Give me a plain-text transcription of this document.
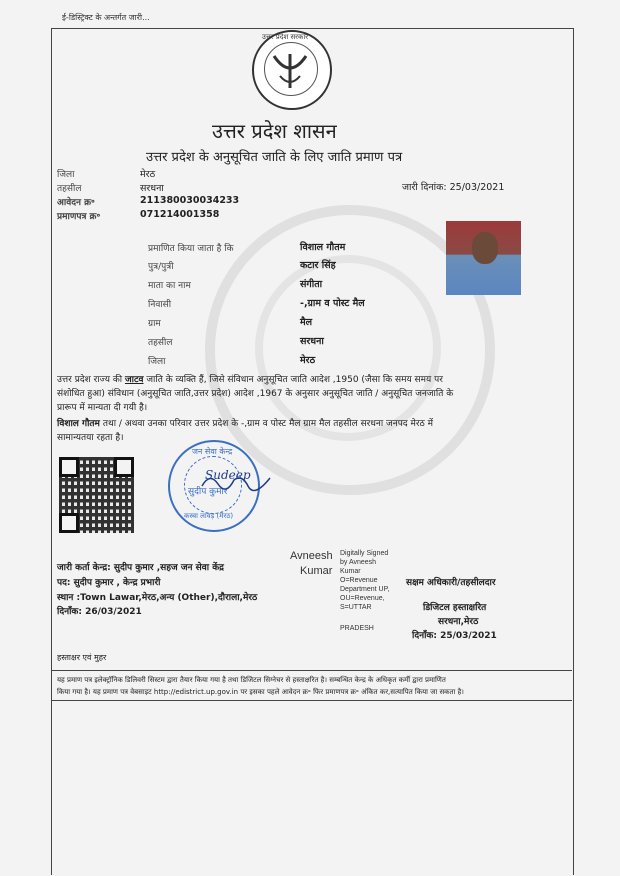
ई-डिस्ट्रिक्ट के अन्तर्गत जारी...
उत्तर प्रदेश सरकार
उत्तर प्रदेश शासन
उत्तर प्रदेश के अनुसूचित जाति के लिए जाति प्रमाण पत्र
जिला	मेरठ
तहसील	सरधना	जारी दिनांक: 25/03/2021
आवेदन क्र॰	211380030034233
प्रमाणपत्र क्र॰	071214001358
प्रमाणित किया जाता है कि	विशाल गौतम
पुत्र/पुत्री	कटार सिंह
माता का नाम	संगीता
निवासी	-,ग्राम व पोस्ट मैल
ग्राम	मैल
तहसील	सरधना
जिला	मेरठ
उत्तर प्रदेश राज्य की जाटव जाति के व्यक्ति हैं, जिसे संविधान अनुसूचित जाति आदेश ,1950 (जैसा कि समय समय पर
संशोधित हुआ) संविधान (अनुसूचित जाति,उत्तर प्रदेश) आदेश ,1967 के अनुसार अनुसूचित जाति / अनुसूचित जनजाति के
प्रारूप में मान्यता दी गयी है।
विशाल गौतम तथा / अथवा उनका परिवार उत्तर प्रदेश के -,ग्राम व पोस्ट मैल ग्राम मैल तहसील सरधना जनपद मेरठ में
सामान्यतया रहता है।
जन सेवा केन्द्र
सुदीप कुमार
कस्बा लावड़ (मेरठ)
Sudeep
जारी कर्ता केन्द्र: सुदीप कुमार ,सहज जन सेवा केंद्र
पद: सुदीप कुमार , केन्द्र प्रभारी
स्थान :Town Lawar,मेरठ,अन्य (Other),दौराला,मेरठ
दिनाँक: 26/03/2021
Avneesh
Kumar
Digitally Signed
by Avneesh
Kumar
O=Revenue
Department UP,
OU=Revenue,
S=UTTAR
PRADESH
सक्षम अधिकारी/तहसीलदार
डिजिटल हस्ताक्षरित
सरधना,मेरठ
दिनाँक: 25/03/2021
हस्ताक्षर एवं मुहर
यह प्रमाण पत्र इलेक्ट्रॉनिक डिलिवरी सिस्टम द्वारा तैयार किया गया है तथा डिजिटल सिग्नेचर से हस्ताक्षरित है। सम्बन्धित केन्द्र के अधिकृत कर्मी द्वारा प्रमाणित
किया गया है। यह प्रमाण पत्र वेबसाइट http://edistrict.up.gov.in पर इसका पहले आवेदन क्र॰ फिर प्रमाणपत्र क्र॰ अंकित कर,सत्यापित किया जा सकता है।
